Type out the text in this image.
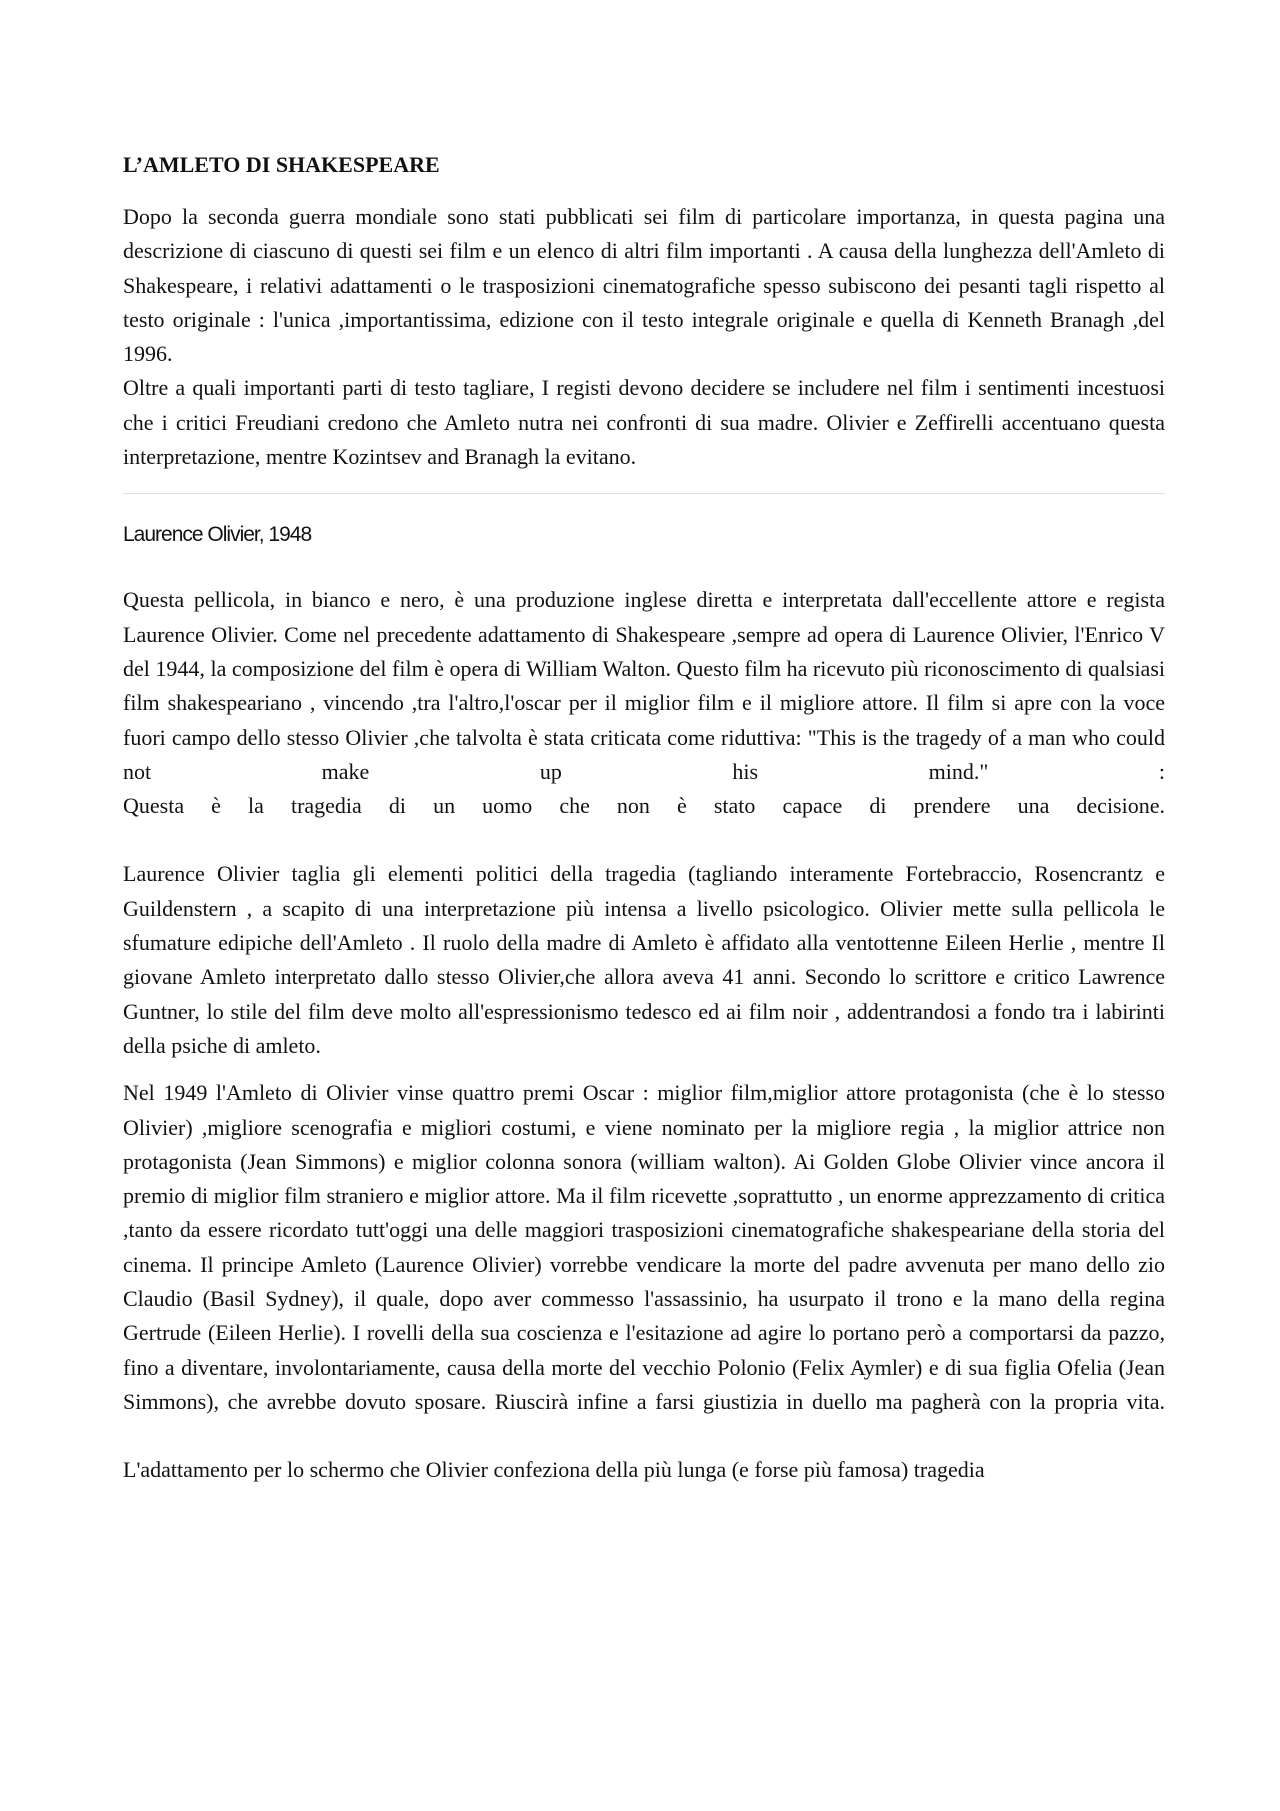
L’AMLETO DI SHAKESPEARE

Dopo la seconda guerra mondiale sono stati pubblicati sei film di particolare importanza, in questa pagina una descrizione di ciascuno di questi sei film e un elenco di altri film importanti . A causa della lunghezza dell'Amleto di Shakespeare, i relativi adattamenti o le trasposizioni cinematografiche spesso subiscono dei pesanti tagli rispetto al testo originale : l'unica ,importantissima, edizione con il testo integrale originale e quella di Kenneth Branagh ,del 1996.

Oltre a quali importanti parti di testo tagliare, I registi devono decidere se includere nel film i sentimenti incestuosi che i critici Freudiani credono che Amleto nutra nei confronti di sua madre. Olivier e Zeffirelli accentuano questa interpretazione, mentre Kozintsev and Branagh la evitano.

Laurence Olivier, 1948

Questa pellicola, in bianco e nero, è una produzione inglese diretta e interpretata dall'eccellente attore e regista Laurence Olivier. Come nel precedente adattamento di Shakespeare ,sempre ad opera di Laurence Olivier, l'Enrico V del 1944, la composizione del film è opera di William Walton. Questo film ha ricevuto più riconoscimento di qualsiasi film shakespeariano , vincendo ,tra l'altro,l'oscar per il miglior film e il migliore attore. Il film si apre con la voce fuori campo dello stesso Olivier ,che talvolta è stata criticata come riduttiva: "This is the tragedy of a man who could not make up his mind." :

Questa è la tragedia di un uomo che non è stato capace di prendere una decisione.

Laurence Olivier taglia gli elementi politici della tragedia (tagliando interamente Fortebraccio, Rosencrantz e Guildenstern , a scapito di una interpretazione più intensa a livello psicologico. Olivier mette sulla pellicola le sfumature edipiche dell'Amleto . Il ruolo della madre di Amleto è affidato alla ventottenne Eileen Herlie , mentre Il giovane Amleto interpretato dallo stesso Olivier,che allora aveva 41 anni. Secondo lo scrittore e critico Lawrence Guntner, lo stile del film deve molto all'espressionismo tedesco ed ai film noir , addentrandosi a fondo tra i labirinti della psiche di amleto.

Nel 1949 l'Amleto di Olivier vinse quattro premi Oscar : miglior film,miglior attore protagonista (che è lo stesso Olivier) ,migliore scenografia e migliori costumi, e viene nominato per la migliore regia , la miglior attrice non protagonista (Jean Simmons) e miglior colonna sonora (william walton). Ai Golden Globe Olivier vince ancora il premio di miglior film straniero e miglior attore. Ma il film ricevette ,soprattutto , un enorme apprezzamento di critica ,tanto da essere ricordato tutt'oggi una delle maggiori trasposizioni cinematografiche shakespeariane della storia del cinema. Il principe Amleto (Laurence Olivier) vorrebbe vendicare la morte del padre avvenuta per mano dello zio Claudio (Basil Sydney), il quale, dopo aver commesso l'assassinio, ha usurpato il trono e la mano della regina Gertrude (Eileen Herlie). I rovelli della sua coscienza e l'esitazione ad agire lo portano però a comportarsi da pazzo, fino a diventare, involontariamente, causa della morte del vecchio Polonio (Felix Aymler) e di sua figlia Ofelia (Jean Simmons), che avrebbe dovuto sposare. Riuscirà infine a farsi giustizia in duello ma pagherà con la propria vita.

L'adattamento per lo schermo che Olivier confeziona della più lunga (e forse più famosa) tragedia
